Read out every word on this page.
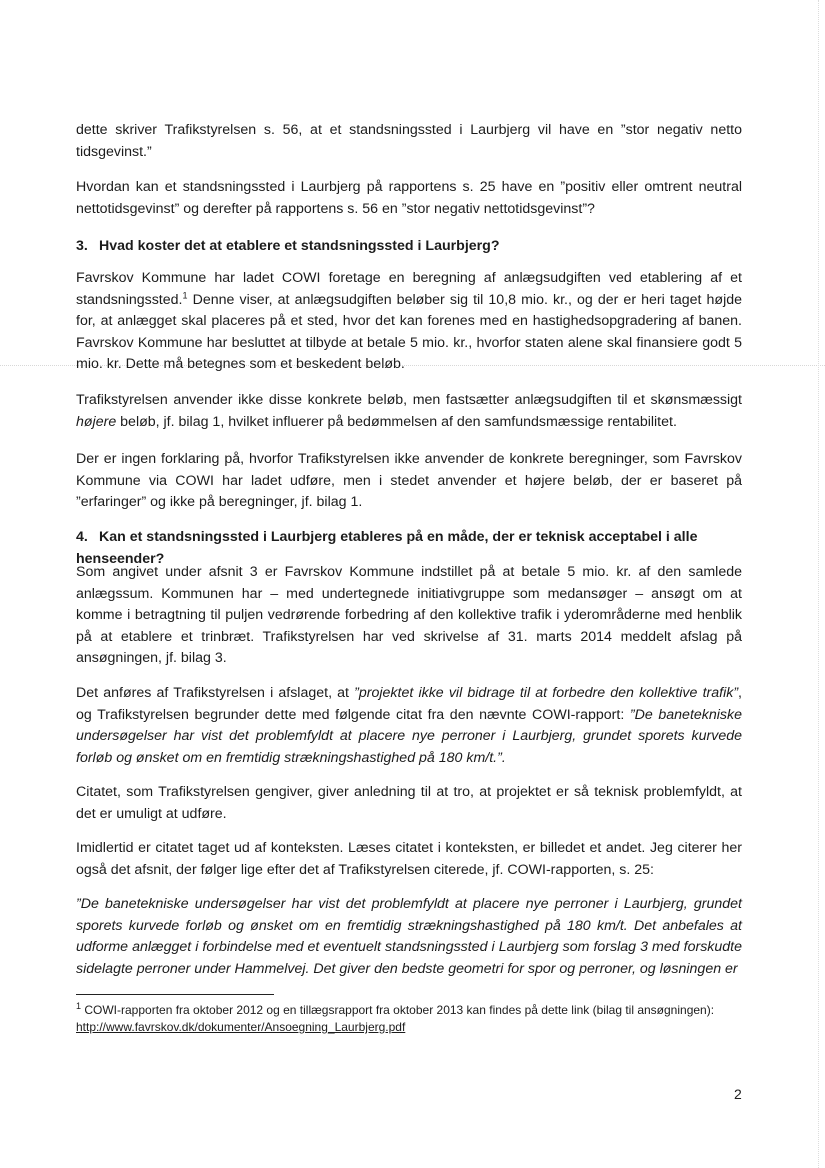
dette skriver Trafikstyrelsen s. 56, at et standsningssted i Laurbjerg vil have en ”stor negativ netto tidsgevinst.”

Hvordan kan et standsningssted i Laurbjerg på rapportens s. 25 have en ”positiv eller omtrent neutral nettotidsgevinst” og derefter på rapportens s. 56 en ”stor negativ nettotidsgevinst”?

3. Hvad koster det at etablere et standsningssted i Laurbjerg?

Favrskov Kommune har ladet COWI foretage en beregning af anlægsudgiften ved etablering af et standsningssted.$^1$ Denne viser, at anlægsudgiften beløber sig til 10,8 mio. kr., og der er heri taget højde for, at anlægget skal placeres på et sted, hvor det kan forenes med en hastighedsopgradering af banen. Favrskov Kommune har besluttet at tilbyde at betale 5 mio. kr., hvorfor staten alene skal finansiere godt 5 mio. kr. Dette må betegnes som et beskedent beløb.

Trafikstyrelsen anvender ikke disse konkrete beløb, men fastsætter anlægsudgiften til et skønsmæssigt højere beløb, jf. bilag 1, hvilket influerer på bedømmelsen af den samfundsmæssige rentabilitet.

Der er ingen forklaring på, hvorfor Trafikstyrelsen ikke anvender de konkrete beregninger, som Favrskov Kommune via COWI har ladet udføre, men i stedet anvender et højere beløb, der er baseret på ”erfaringer” og ikke på beregninger, jf. bilag 1.

4. Kan et standsningssted i Laurbjerg etableres på en måde, der er teknisk acceptabel i alle henseender?

Som angivet under afsnit 3 er Favrskov Kommune indstillet på at betale 5 mio. kr. af den samlede anlægssum. Kommunen har – med undertegnede initiativgruppe som medansøger – ansøgt om at komme i betragtning til puljen vedrørende forbedring af den kollektive trafik i yderområderne med henblik på at etablere et trinbræt. Trafikstyrelsen har ved skrivelse af 31. marts 2014 meddelt afslag på ansøgningen, jf. bilag 3.

Det anføres af Trafikstyrelsen i afslaget, at ”projektet ikke vil bidrage til at forbedre den kollektive trafik”, og Trafikstyrelsen begrunder dette med følgende citat fra den nævnte COWI-rapport: ”De banetekniske undersøgelser har vist det problemfyldt at placere nye perroner i Laurbjerg, grundet sporets kurvede forløb og ønsket om en fremtidig strækningshastighed på 180 km/t.”.

Citatet, som Trafikstyrelsen gengiver, giver anledning til at tro, at projektet er så teknisk problemfyldt, at det er umuligt at udføre.

Imidlertid er citatet taget ud af konteksten. Læses citatet i konteksten, er billedet et andet. Jeg citerer her også det afsnit, der følger lige efter det af Trafikstyrelsen citerede, jf. COWI-rapporten, s. 25:

”De banetekniske undersøgelser har vist det problemfyldt at placere nye perroner i Laurbjerg, grundet sporets kurvede forløb og ønsket om en fremtidig strækningshastighed på 180 km/t. Det anbefales at udforme anlægget i forbindelse med et eventuelt standsningssted i Laurbjerg som forslag 3 med forskudte sidelagte perroner under Hammelvej. Det giver den bedste geometri for spor og perroner, og løsningen er

$^1$ COWI-rapporten fra oktober 2012 og en tillægsrapport fra oktober 2013 kan findes på dette link (bilag til ansøgningen): http://www.favrskov.dk/dokumenter/Ansoegning_Laurbjerg.pdf
2
